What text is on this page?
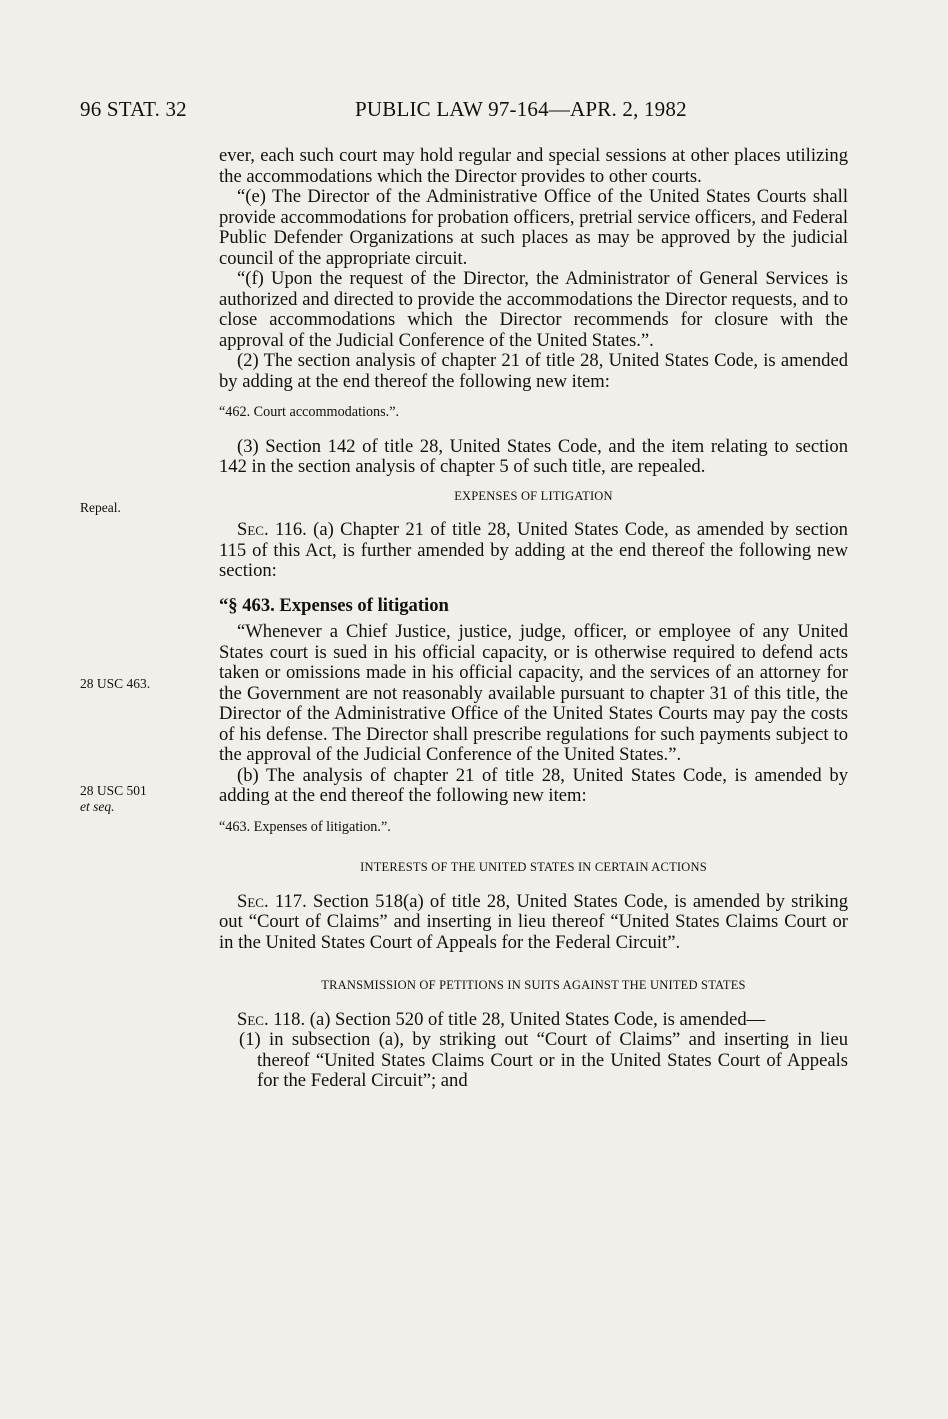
96 STAT. 32	PUBLIC LAW 97-164—APR. 2, 1982
Repeal.
28 USC 463.
28 USC 501
et seq.

ever, each such court may hold regular and special sessions at other places utilizing the accommodations which the Director provides to other courts.

“(e) The Director of the Administrative Office of the United States Courts shall provide accommodations for probation officers, pretrial service officers, and Federal Public Defender Organizations at such places as may be approved by the judicial council of the appropriate circuit.

“(f) Upon the request of the Director, the Administrator of General Services is authorized and directed to provide the accommodations the Director requests, and to close accommodations which the Director recommends for closure with the approval of the Judicial Conference of the United States.”.

(2) The section analysis of chapter 21 of title 28, United States Code, is amended by adding at the end thereof the following new item:

“462. Court accommodations.”.

(3) Section 142 of title 28, United States Code, and the item relating to section 142 in the section analysis of chapter 5 of such title, are repealed.

EXPENSES OF LITIGATION

Sec. 116. (a) Chapter 21 of title 28, United States Code, as amended by section 115 of this Act, is further amended by adding at the end thereof the following new section:

“§ 463. Expenses of litigation

“Whenever a Chief Justice, justice, judge, officer, or employee of any United States court is sued in his official capacity, or is otherwise required to defend acts taken or omissions made in his official capacity, and the services of an attorney for the Government are not reasonably available pursuant to chapter 31 of this title, the Director of the Administrative Office of the United States Courts may pay the costs of his defense. The Director shall prescribe regulations for such payments subject to the approval of the Judicial Conference of the United States.”.

(b) The analysis of chapter 21 of title 28, United States Code, is amended by adding at the end thereof the following new item:

“463. Expenses of litigation.”.
INTERESTS OF THE UNITED STATES IN CERTAIN ACTIONS

Sec. 117. Section 518(a) of title 28, United States Code, is amended by striking out “Court of Claims” and inserting in lieu thereof “United States Claims Court or in the United States Court of Appeals for the Federal Circuit”.

TRANSMISSION OF PETITIONS IN SUITS AGAINST THE UNITED STATES

Sec. 118. (a) Section 520 of title 28, United States Code, is amended—

(1) in subsection (a), by striking out “Court of Claims” and inserting in lieu thereof “United States Claims Court or in the United States Court of Appeals for the Federal Circuit”; and
